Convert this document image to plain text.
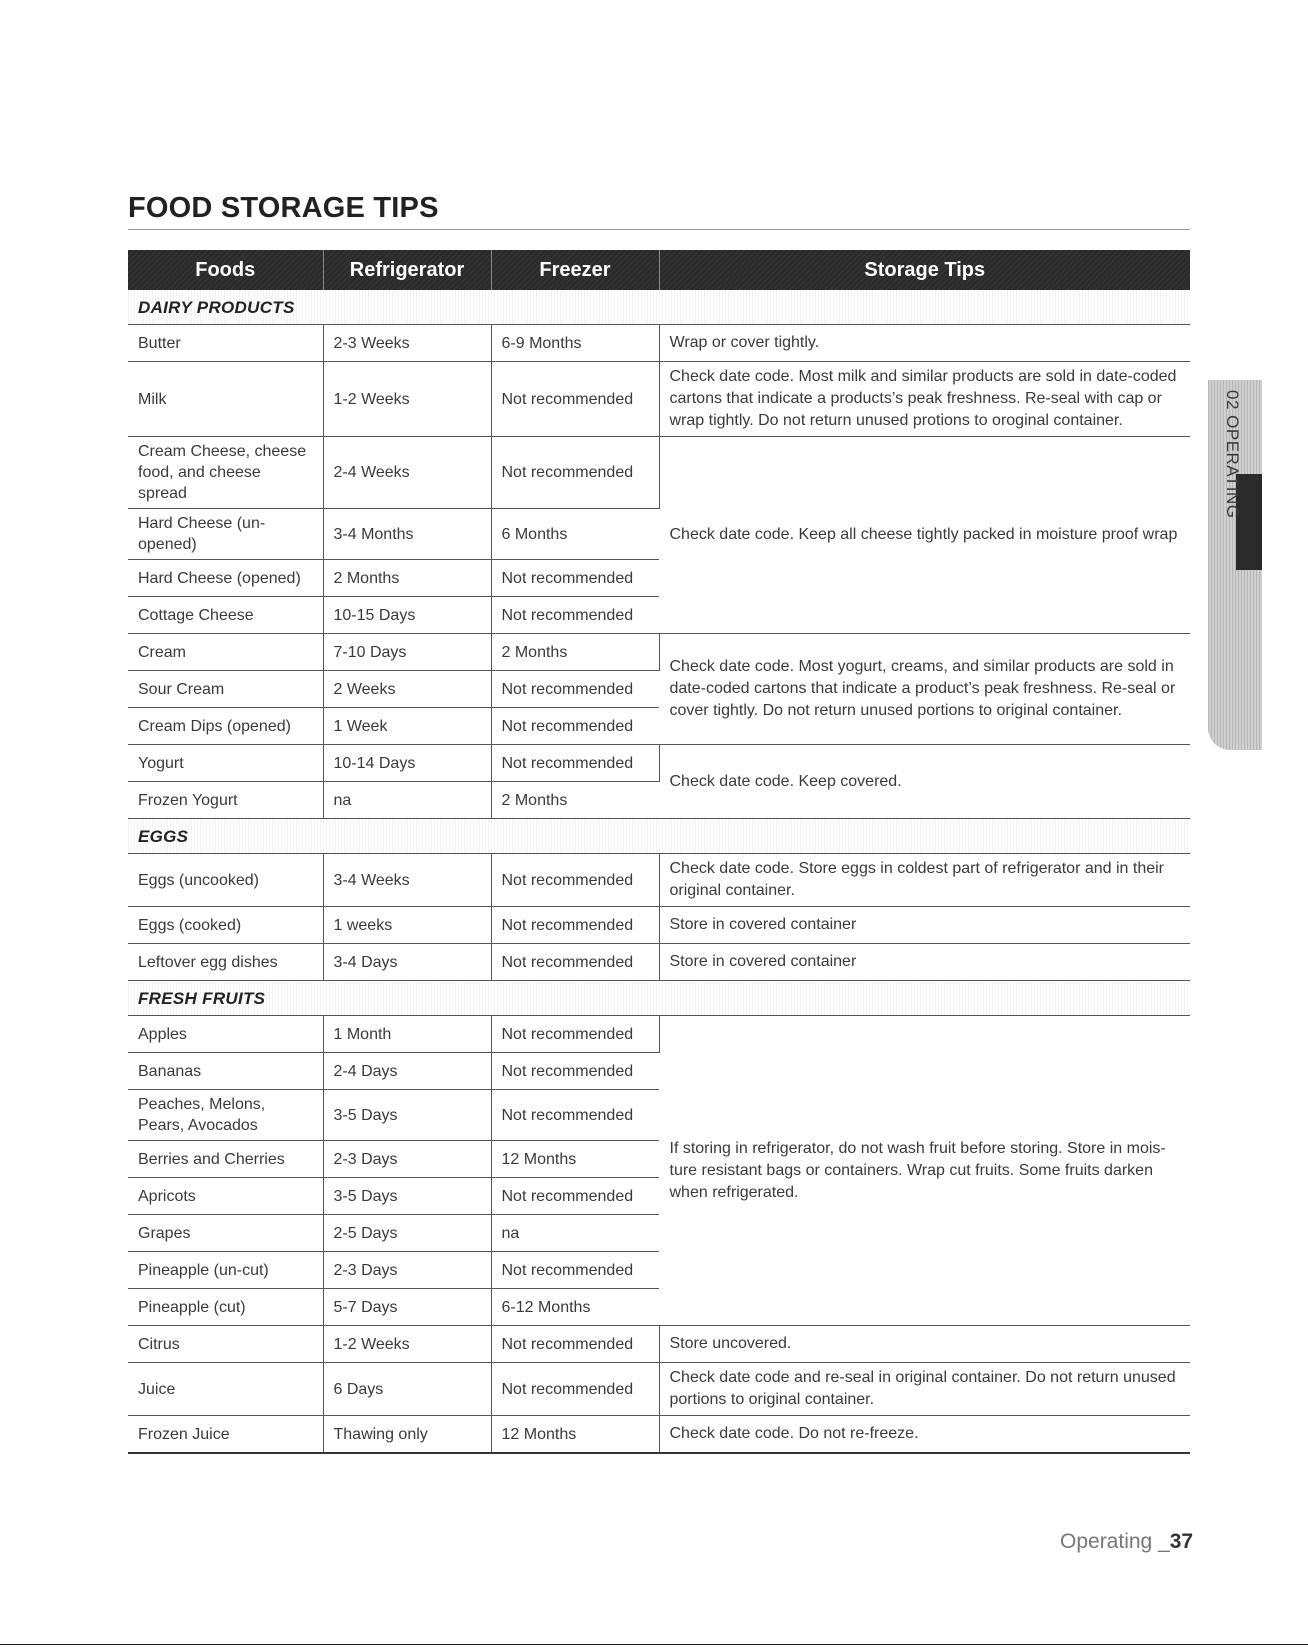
FOOD STORAGE TIPS
Foods	Refrigerator	Freezer	Storage Tips
DAIRY PRODUCTS			
Butter	2-3 Weeks	6-9 Months	Wrap or cover tightly.
Milk	1-2 Weeks	Not recommended	Check date code. Most milk and similar products are sold in date-coded cartons that indicate a products’s peak freshness. Re-seal with cap or wrap tightly. Do not return unused protions to oroginal container.
Cream Cheese, cheese food, and cheese spread	2-4 Weeks	Not recommended	Check date code. Keep all cheese tightly packed in moisture proof wrap
Hard Cheese (un-opened)	3-4 Months	6 Months	
Hard Cheese (opened)	2 Months	Not recommended	
Cottage Cheese	10-15 Days	Not recommended	
Cream	7-10 Days	2 Months	Check date code. Most yogurt, creams, and similar products are sold in date-coded cartons that indicate a product’s peak freshness. Re-seal or cover tightly. Do not return unused portions to original container.
Sour Cream	2 Weeks	Not recommended	
Cream Dips (opened)	1 Week	Not recommended	
Yogurt	10-14 Days	Not recommended	Check date code. Keep covered.
Frozen Yogurt	na	2 Months	
EGGS			
Eggs (uncooked)	3-4 Weeks	Not recommended	Check date code. Store eggs in coldest part of refrigerator and in their original container.
Eggs (cooked)	1 weeks	Not recommended	Store in covered container
Leftover egg dishes	3-4 Days	Not recommended	Store in covered container
FRESH FRUITS			
Apples	1 Month	Not recommended	If storing in refrigerator, do not wash fruit before storing. Store in mois-ture resistant bags or containers. Wrap cut fruits. Some fruits darken when refrigerated.
Bananas	2-4 Days	Not recommended	
Peaches, Melons, Pears, Avocados	3-5 Days	Not recommended	
Berries and Cherries	2-3 Days	12 Months	
Apricots	3-5 Days	Not recommended	
Grapes	2-5 Days	na	
Pineapple (un-cut)	2-3 Days	Not recommended	
Pineapple (cut)	5-7 Days	6-12 Months	
Citrus	1-2 Weeks	Not recommended	Store uncovered.
Juice	6 Days	Not recommended	Check date code and re-seal in original container. Do not return unused portions to original container.
Frozen Juice	Thawing only	12 Months	Check date code. Do not re-freeze.
02 OPERATING
Operating _37
